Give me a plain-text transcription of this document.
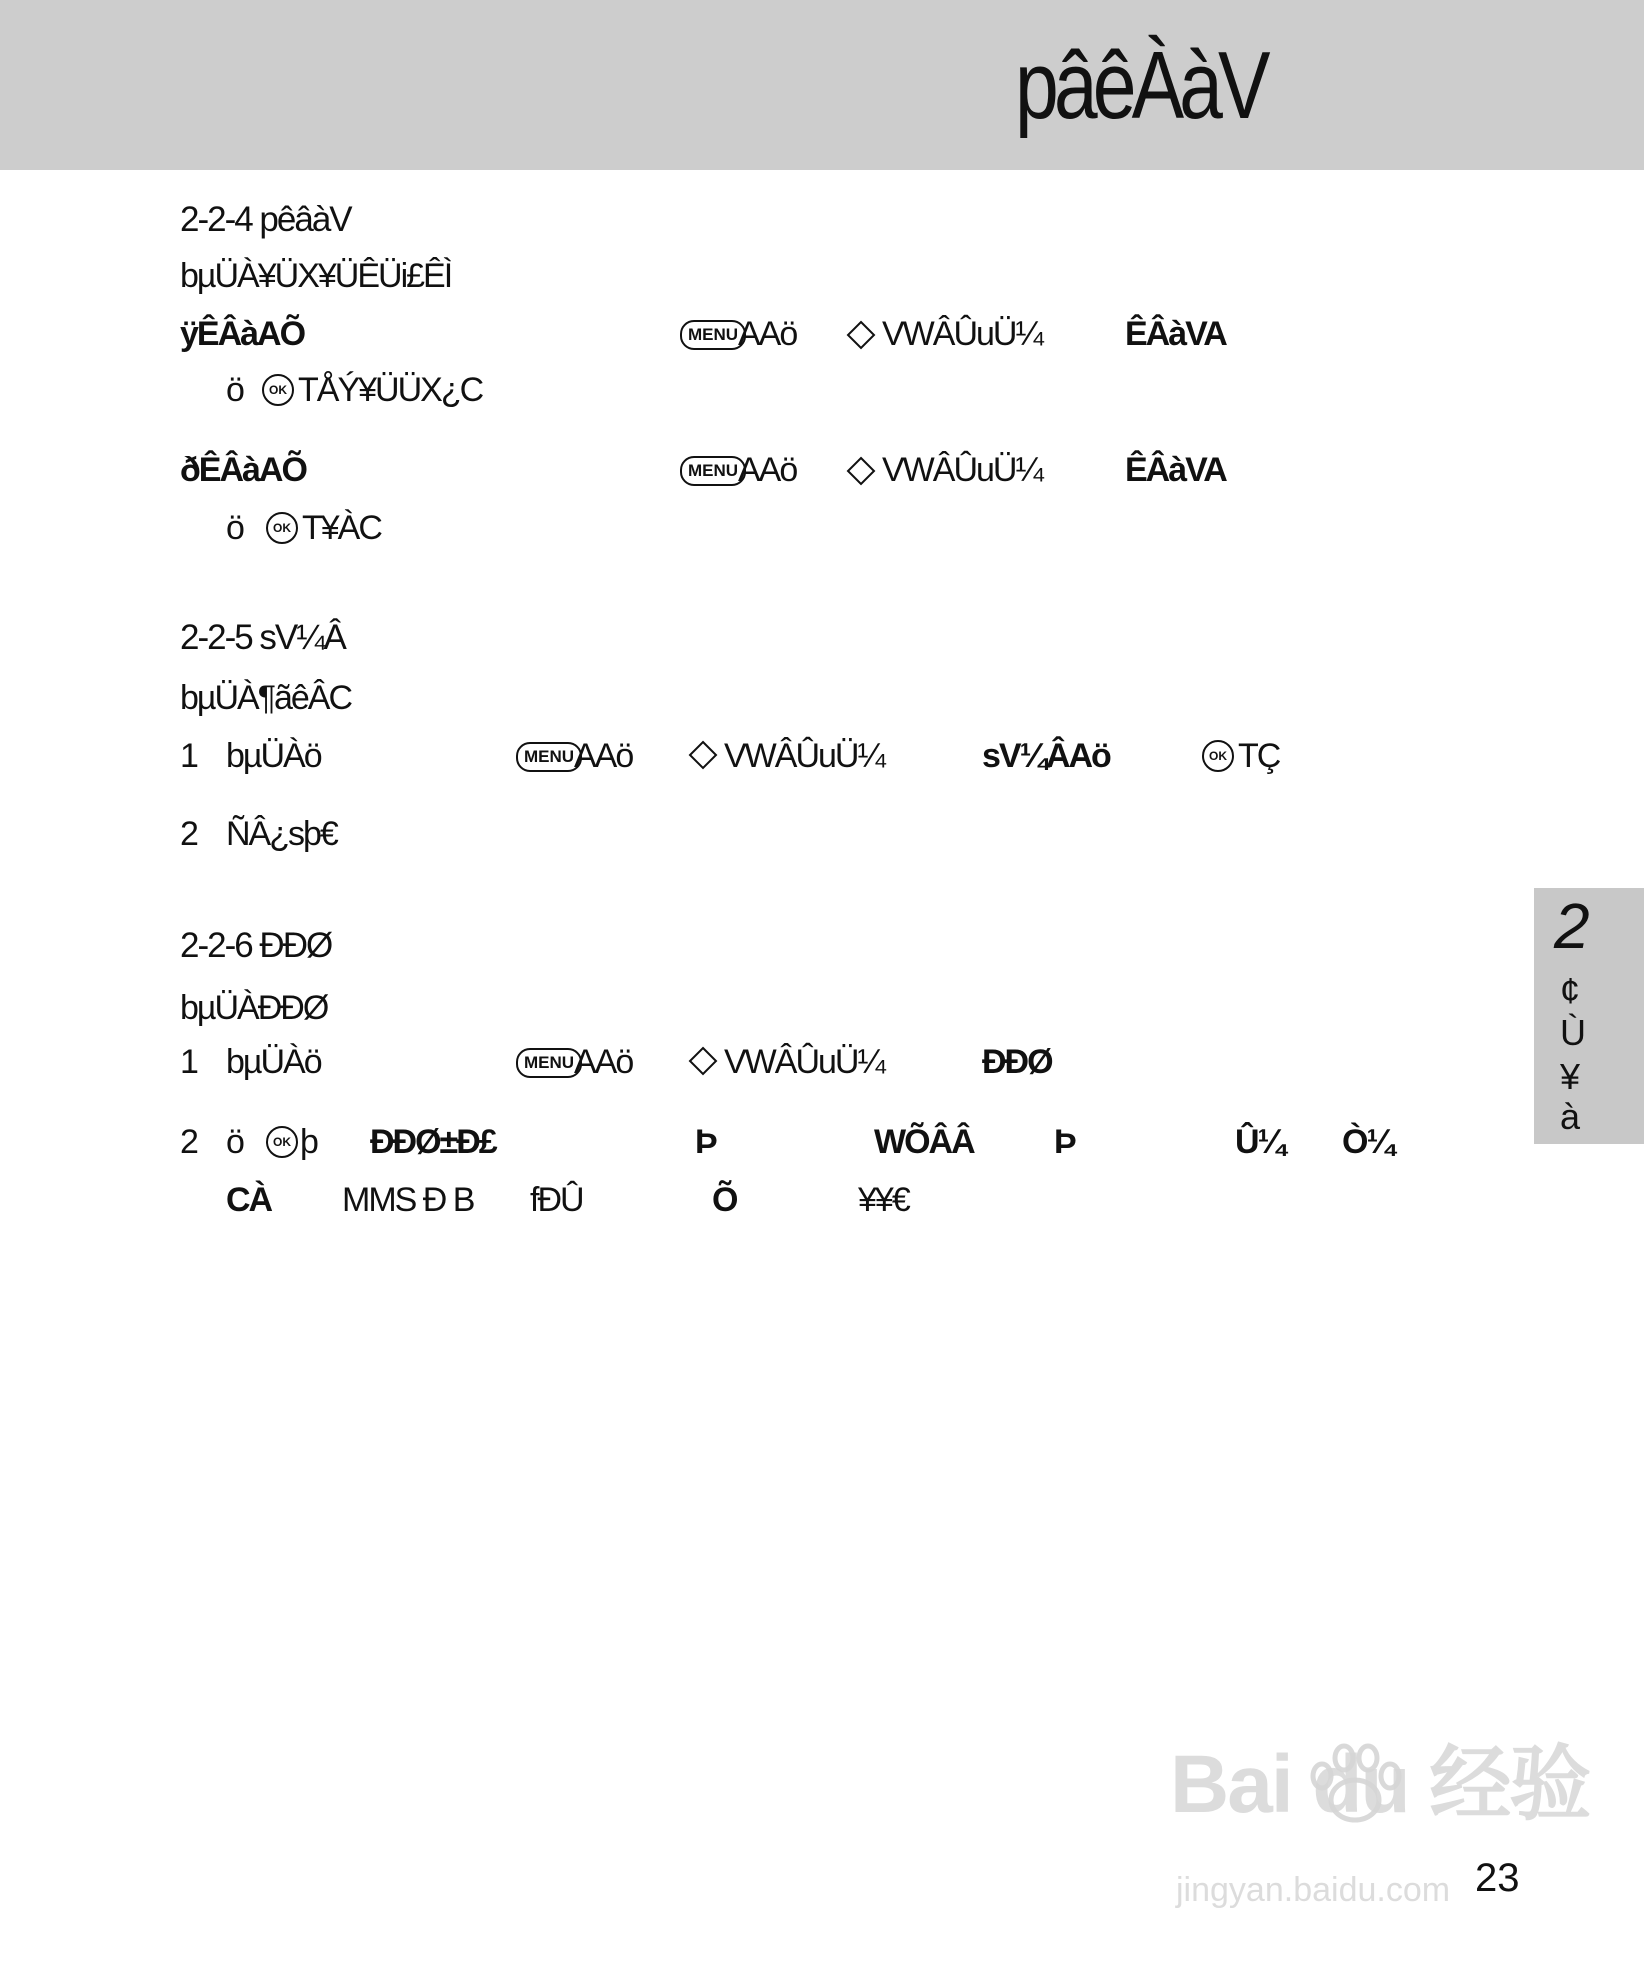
pâêÀàV
2-2-4 pêâàV
bµÜÀ¥ÜX¥ÜÊÜi£ÊÌ
ÿÊÂàAÕ	MENU AAö	VWÂÛuÜ¼ ÊÂàVA
ö	OK TÅÝ¥ÜÜX¿C
ðÊÂàAÕ	MENU AAö	VWÂÛuÜ¼ ÊÂàVA
ö	OK T¥ÀC
2-2-5 sV¼Â
bµÜÀ¶ãêÂC
1 bµÜÀö	MENU AAö	VWÂÛuÜ¼	sV¼ÂAö	OK TÇ
2 ÑÂ¿sþ€
2-2-6 ÐÐØ
bµÜÀÐÐØ
1 bµÜÀö	MENU AAö	VWÂÛuÜ¼	ÐÐØ
2 ö	OK þ ÐÐØ±Ð£	Þ	WÕÂÂ Þ	Û¼ Ò¼
CÀ MMS Ð B fÐÛ	Õ	¥¥€
2
¢
Ù
¥
à
Bai du 经验
jingyan.baidu.com 23
